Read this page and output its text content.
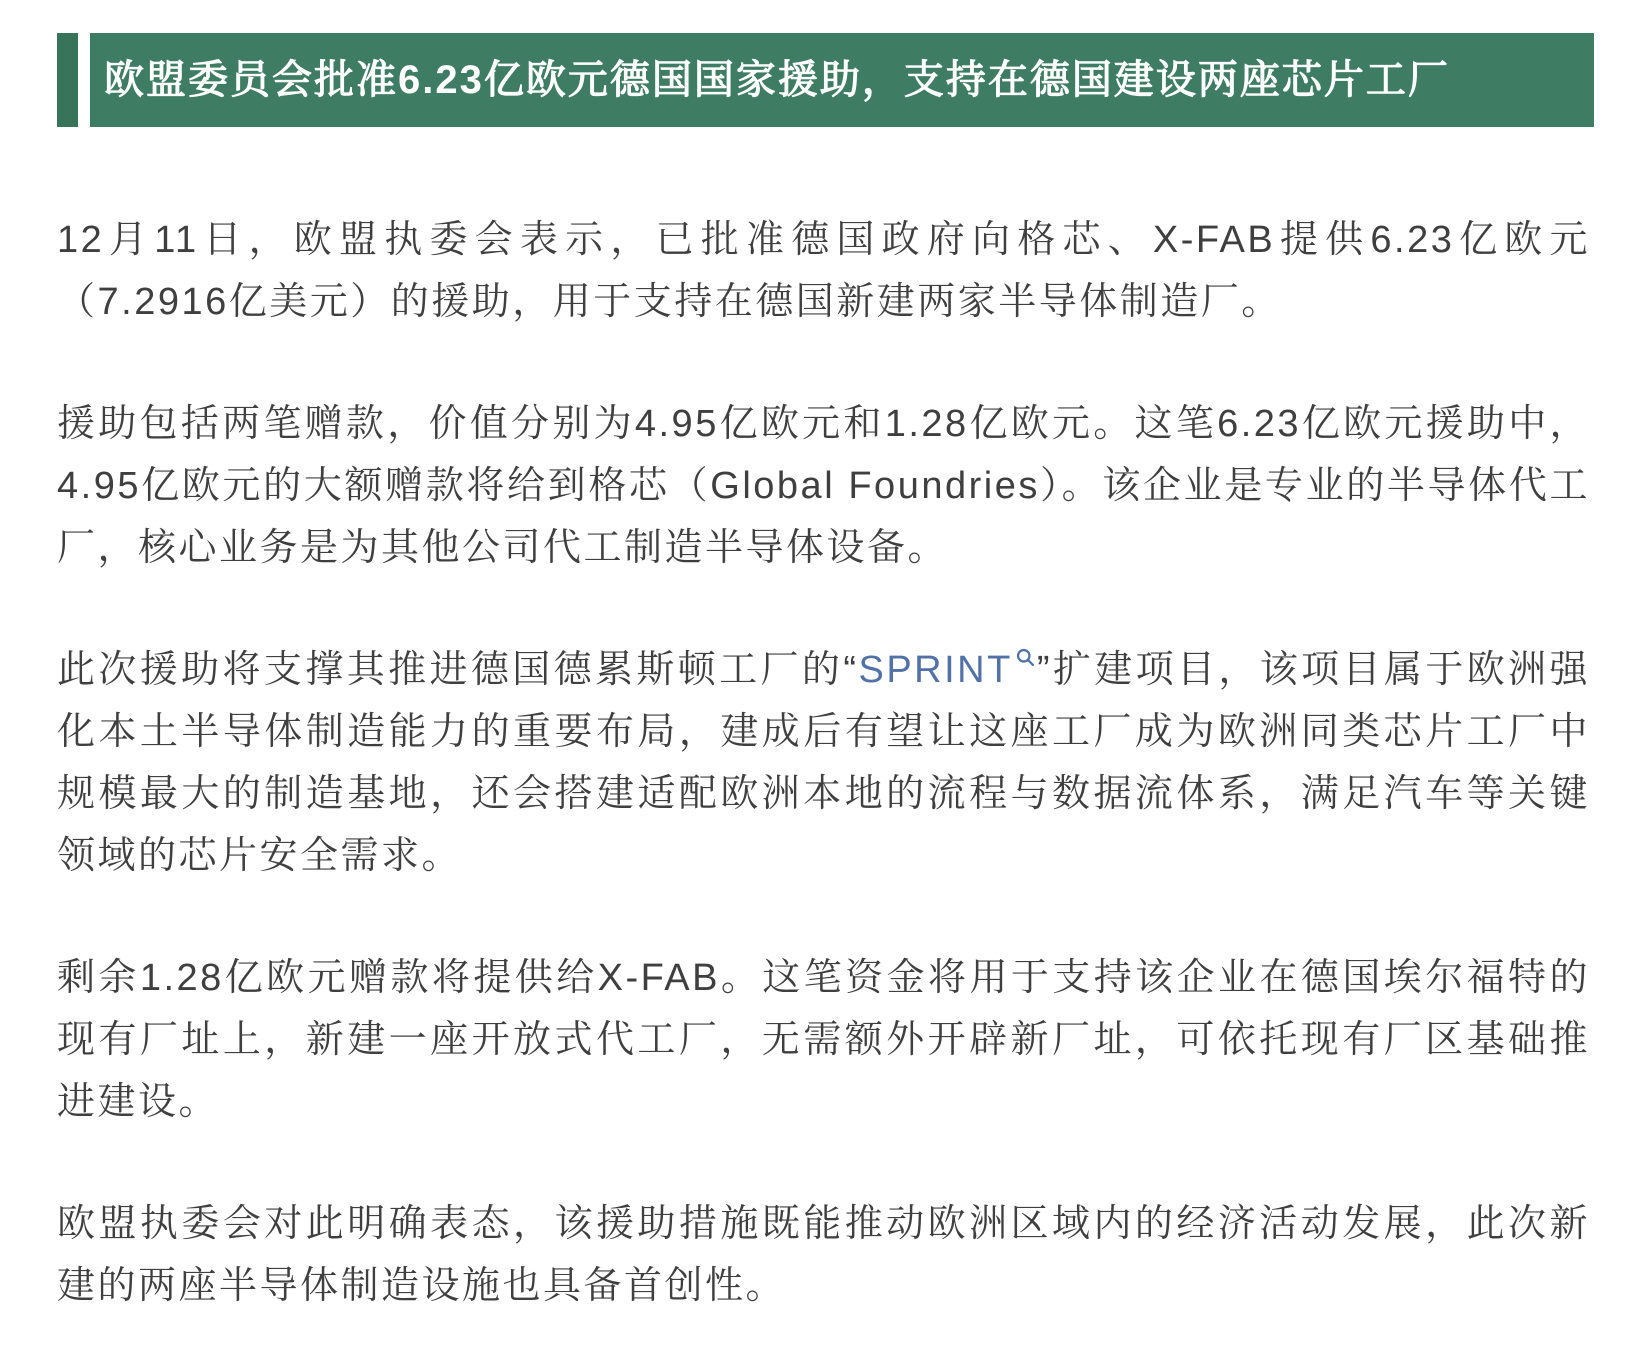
欧盟委员会批准6.23亿欧元德国国家援助，支持在德国建设两座芯片工厂

12月11日，欧盟执委会表示，已批准德国政府向格芯、X-FAB提供6.23亿欧元（7.2916亿美元）的援助，用于支持在德国新建两家半导体制造厂。

援助包括两笔赠款，价值分别为4.95亿欧元和1.28亿欧元。这笔6.23亿欧元援助中，4.95亿欧元的大额赠款将给到格芯（Global Foundries）。该企业是专业的半导体代工厂，核心业务是为其他公司代工制造半导体设备。

此次援助将支撑其推进德国德累斯顿工厂的“SPRINT ”扩建项目，该项目属于欧洲强化本土半导体制造能力的重要布局，建成后有望让这座工厂成为欧洲同类芯片工厂中规模最大的制造基地，还会搭建适配欧洲本地的流程与数据流体系，满足汽车等关键领域的芯片安全需求。

剩余1.28亿欧元赠款将提供给X-FAB。这笔资金将用于支持该企业在德国埃尔福特的现有厂址上，新建一座开放式代工厂，无需额外开辟新厂址，可依托现有厂区基础推进建设。

欧盟执委会对此明确表态，该援助措施既能推动欧洲区域内的经济活动发展，此次新建的两座半导体制造设施也具备首创性。
